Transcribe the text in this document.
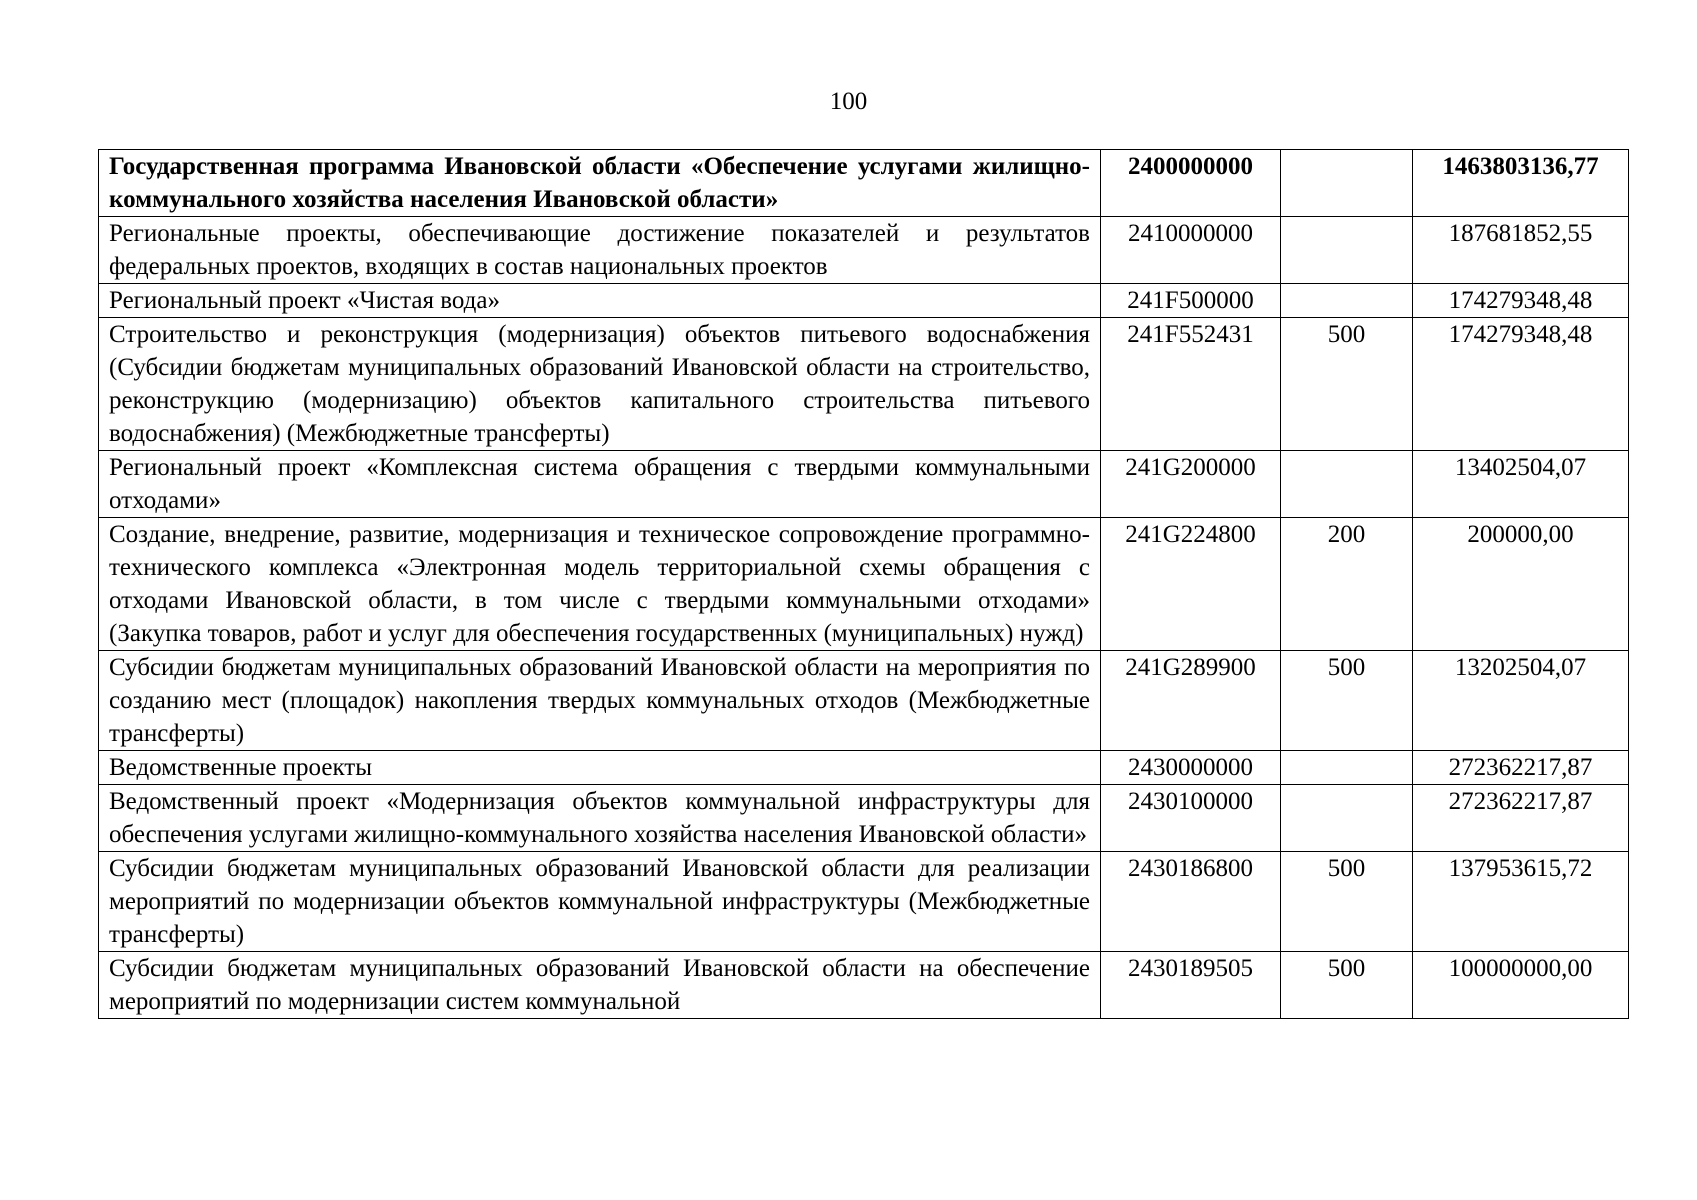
100
Государственная программа Ивановской области «Обеспечение услугами жилищно-коммунального хозяйства населения Ивановской области»	2400000000		1463803136,77
Региональные проекты, обеспечивающие достижение показателей и результатов федеральных проектов, входящих в состав национальных проектов	2410000000		187681852,55
Региональный проект «Чистая вода»	241F500000		174279348,48
Строительство и реконструкция (модернизация) объектов питьевого водоснабжения (Субсидии бюджетам муниципальных образований Ивановской области на строительство, реконструкцию (модернизацию) объектов капитального строительства питьевого водоснабжения) (Межбюджетные трансферты)	241F552431	500	174279348,48
Региональный проект «Комплексная система обращения с твердыми коммунальными отходами»	241G200000		13402504,07
Создание, внедрение, развитие, модернизация и техническое сопровождение программно-технического комплекса «Электронная модель территориальной схемы обращения с отходами Ивановской области, в том числе с твердыми коммунальными отходами» (Закупка товаров, работ и услуг для обеспечения государственных (муниципальных) нужд)	241G224800	200	200000,00
Субсидии бюджетам муниципальных образований Ивановской области на мероприятия по созданию мест (площадок) накопления твердых коммунальных отходов (Межбюджетные трансферты)	241G289900	500	13202504,07
Ведомственные проекты	2430000000		272362217,87
Ведомственный проект «Модернизация объектов коммунальной инфраструктуры для обеспечения услугами жилищно-коммунального хозяйства населения Ивановской области»	2430100000		272362217,87
Субсидии бюджетам муниципальных образований Ивановской области для реализации мероприятий по модернизации объектов коммунальной инфраструктуры (Межбюджетные трансферты)	2430186800	500	137953615,72
Субсидии бюджетам муниципальных образований Ивановской области на обеспечение мероприятий по модернизации систем коммунальной	2430189505	500	100000000,00
